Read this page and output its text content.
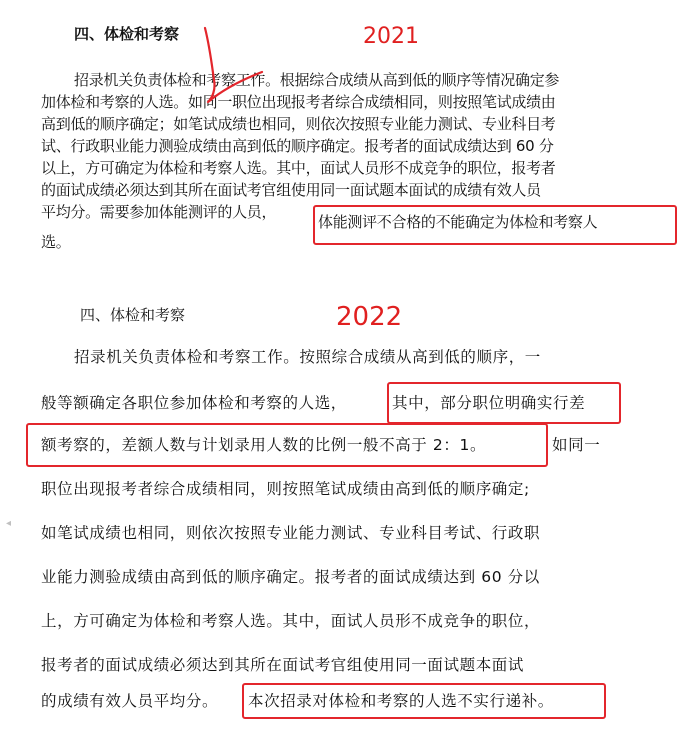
四、体检和考察	2021
招录机关负责体检和考察工作。根据综合成绩从高到低的顺序等情况确定参
加体检和考察的人选。如同一职位出现报考者综合成绩相同，则按照笔试成绩由
高到低的顺序确定；如笔试成绩也相同，则依次按照专业能力测试、专业科目考
试、行政职业能力测验成绩由高到低的顺序确定。报考者的面试成绩达到 60 分
以上，方可确定为体检和考察人选。其中，面试人员形不成竞争的职位，报考者
的面试成绩必须达到其所在面试考官组使用同一面试题本面试的成绩有效人员
平均分。需要参加体能测评的人员，
体能测评不合格的不能确定为体检和考察人
选。
四、体检和考察	2022
招录机关负责体检和考察工作。按照综合成绩从高到低的顺序，一
般等额确定各职位参加体检和考察的人选，	其中，部分职位明确实行差
额考察的，差额人数与计划录用人数的比例一般不高于 2：1。	如同一
职位出现报考者综合成绩相同，则按照笔试成绩由高到低的顺序确定;
如笔试成绩也相同，则依次按照专业能力测试、专业科目考试、行政职
业能力测验成绩由高到低的顺序确定。报考者的面试成绩达到 60 分以
上，方可确定为体检和考察人选。其中，面试人员形不成竞争的职位，
报考者的面试成绩必须达到其所在面试考官组使用同一面试题本面试
的成绩有效人员平均分。 本次招录对体检和考察的人选不实行递补。
◂
